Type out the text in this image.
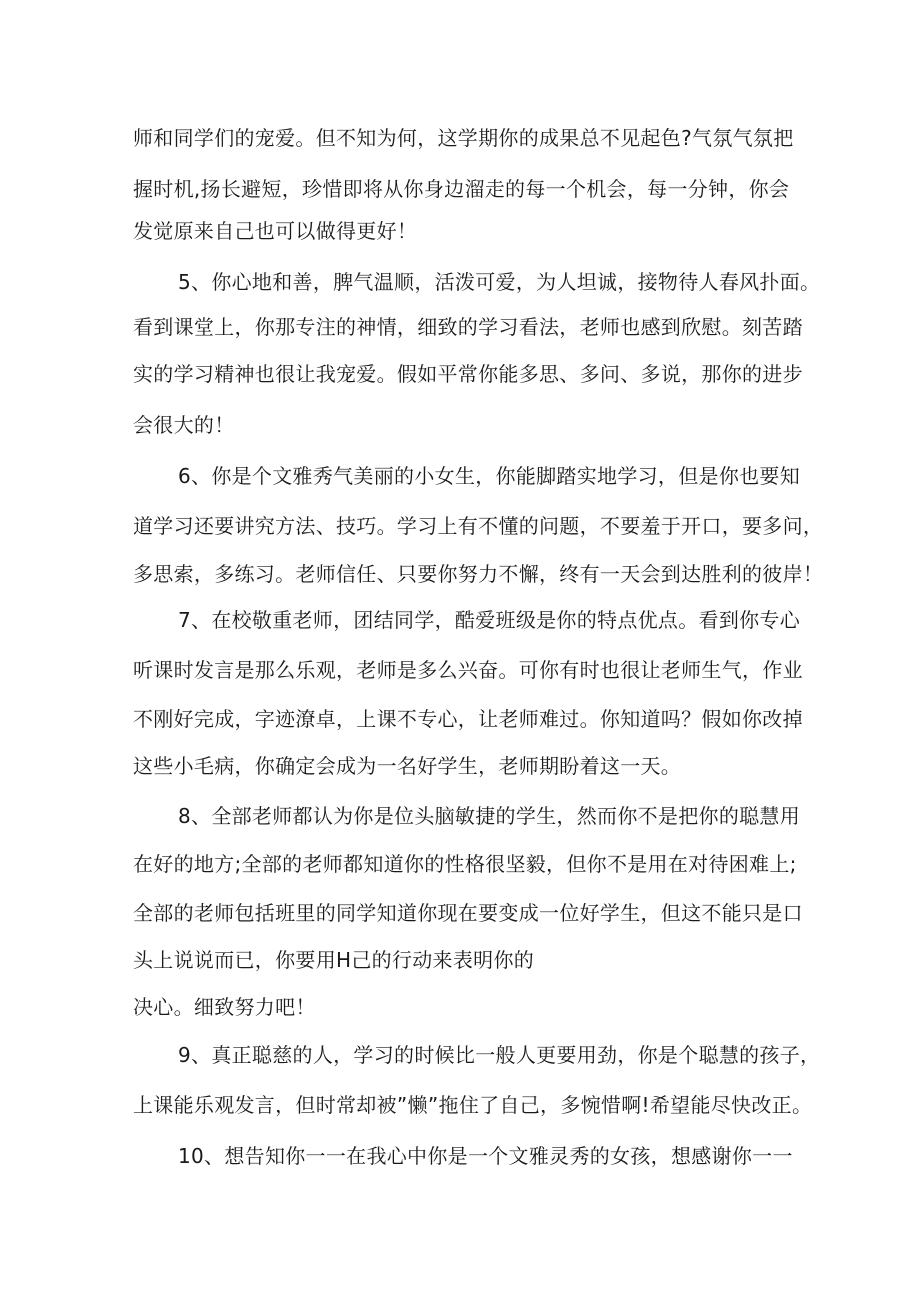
师和同学们的宠爱。但不知为何，这学期你的成果总不见起色?气氛气氛把

握时机,扬长避短，珍惜即将从你身边溜走的每一个机会，每一分钟，你会

发觉原来自己也可以做得更好！

5、你心地和善，脾气温顺，活泼可爱，为人坦诚，接物待人春风扑面。

看到课堂上，你那专注的神情，细致的学习看法，老师也感到欣慰。刻苦踏

实的学习精神也很让我宠爱。假如平常你能多思、多问、多说，那你的进步

会很大的！

6、你是个文雅秀气美丽的小女生，你能脚踏实地学习，但是你也要知

道学习还要讲究方法、技巧。学习上有不懂的问题，不要羞于开口，要多问，

多思索，多练习。老师信任、只要你努力不懈，终有一天会到达胜利的彼岸！

7、在校敬重老师，团结同学，酷爱班级是你的特点优点。看到你专心

听课时发言是那么乐观，老师是多么兴奋。可你有时也很让老师生气，作业

不刚好完成，字迹潦卓，上课不专心，让老师难过。你知道吗？假如你改掉

这些小毛病，你确定会成为一名好学生，老师期盼着这一天。

8、全部老师都认为你是位头脑敏捷的学生，然而你不是把你的聪慧用

在好的地方;全部的老师都知道你的性格很坚毅，但你不是用在对待困难上;

全部的老师包括班里的同学知道你现在要变成一位好学生，但这不能只是口

头上说说而已，你要用H己的行动来表明你的

决心。细致努力吧！

9、真正聪慈的人，学习的时候比一般人更要用劲，你是个聪慧的孩子，

上课能乐观发言，但时常却被”懒”拖住了自己，多惋惜啊!希望能尽快改正。

10、想告知你一一在我心中你是一个文雅灵秀的女孩，想感谢你一一
